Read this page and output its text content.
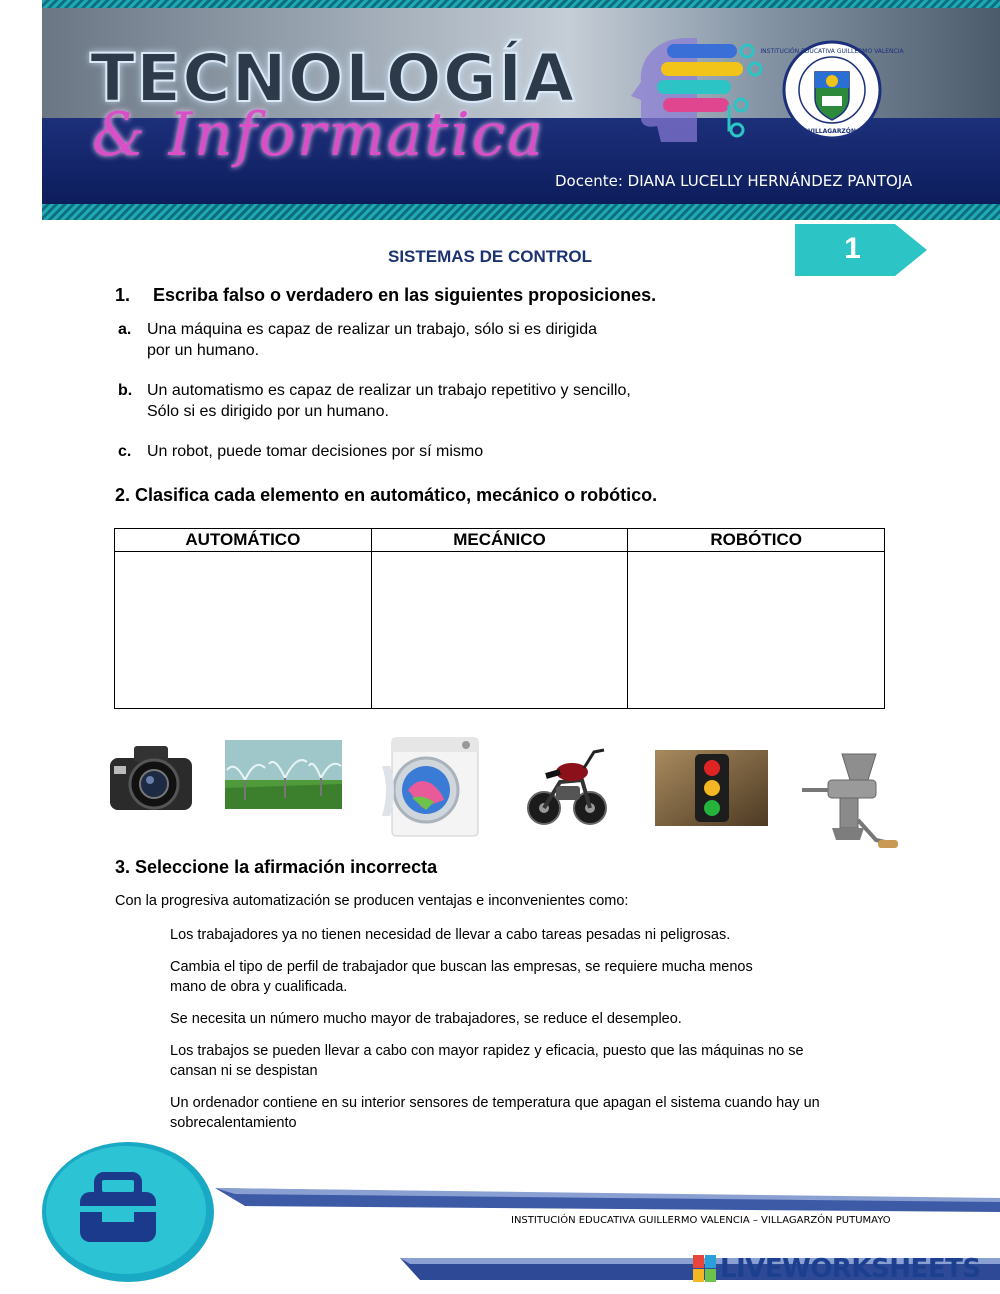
TECNOLOGÍA
& Informatica
INSTITUCIÓN EDUCATIVA GUILLERMO VALENCIA
VILLAGARZÓN
Docente: DIANA LUCELLY HERNÁNDEZ PANTOJA
1
SISTEMAS DE CONTROL
1. Escriba falso o verdadero en las siguientes proposiciones.
a. Una máquina es capaz de realizar un trabajo, sólo si es dirigida
por un humano.
b. Un automatismo es capaz de realizar un trabajo repetitivo y sencillo,
Sólo si es dirigido por un humano.
c. Un robot, puede tomar decisiones por sí mismo
2. Clasifica cada elemento en automático, mecánico o robótico.
AUTOMÁTICO	MECÁNICO	ROBÓTICO

3. Seleccione la afirmación incorrecta
Con la progresiva automatización se producen ventajas e inconvenientes como:
Los trabajadores ya no tienen necesidad de llevar a cabo tareas pesadas ni peligrosas.
Cambia el tipo de perfil de trabajador que buscan las empresas, se requiere mucha menos
mano de obra y cualificada.
Se necesita un número mucho mayor de trabajadores, se reduce el desempleo.
Los trabajos se pueden llevar a cabo con mayor rapidez y eficacia, puesto que las máquinas no se
cansan ni se despistan
Un ordenador contiene en su interior sensores de temperatura que apagan el sistema cuando hay un
sobrecalentamiento
INSTITUCIÓN EDUCATIVA GUILLERMO VALENCIA – VILLAGARZÓN PUTUMAYO
LIVEWORKSHEETS
